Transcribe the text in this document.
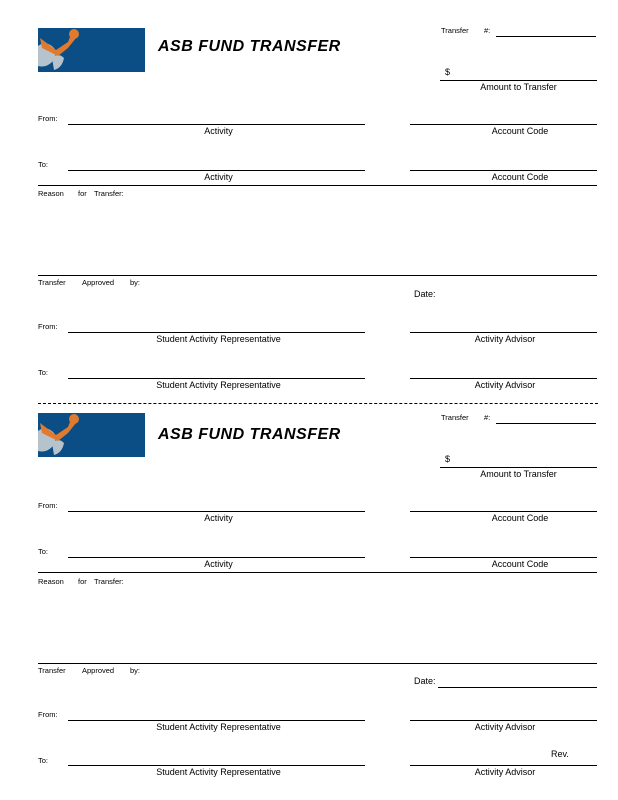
ASB FUND TRANSFER
Transfer #:
$
Amount to Transfer
From:
Activity	Account Code
To:
Activity	Account Code
Reason for Transfer:
Transfer Approved by:
Date:
From:
Student Activity Representative	Activity Advisor
To:
Student Activity Representative	Activity Advisor
ASB FUND TRANSFER
Transfer #:
$
Amount to Transfer
From:
Activity	Account Code
To:
Activity	Account Code
Reason for Transfer:
Transfer Approved by:
Date:
From:
Student Activity Representative	Activity Advisor
Rev.
To:
Student Activity Representative	Activity Advisor
